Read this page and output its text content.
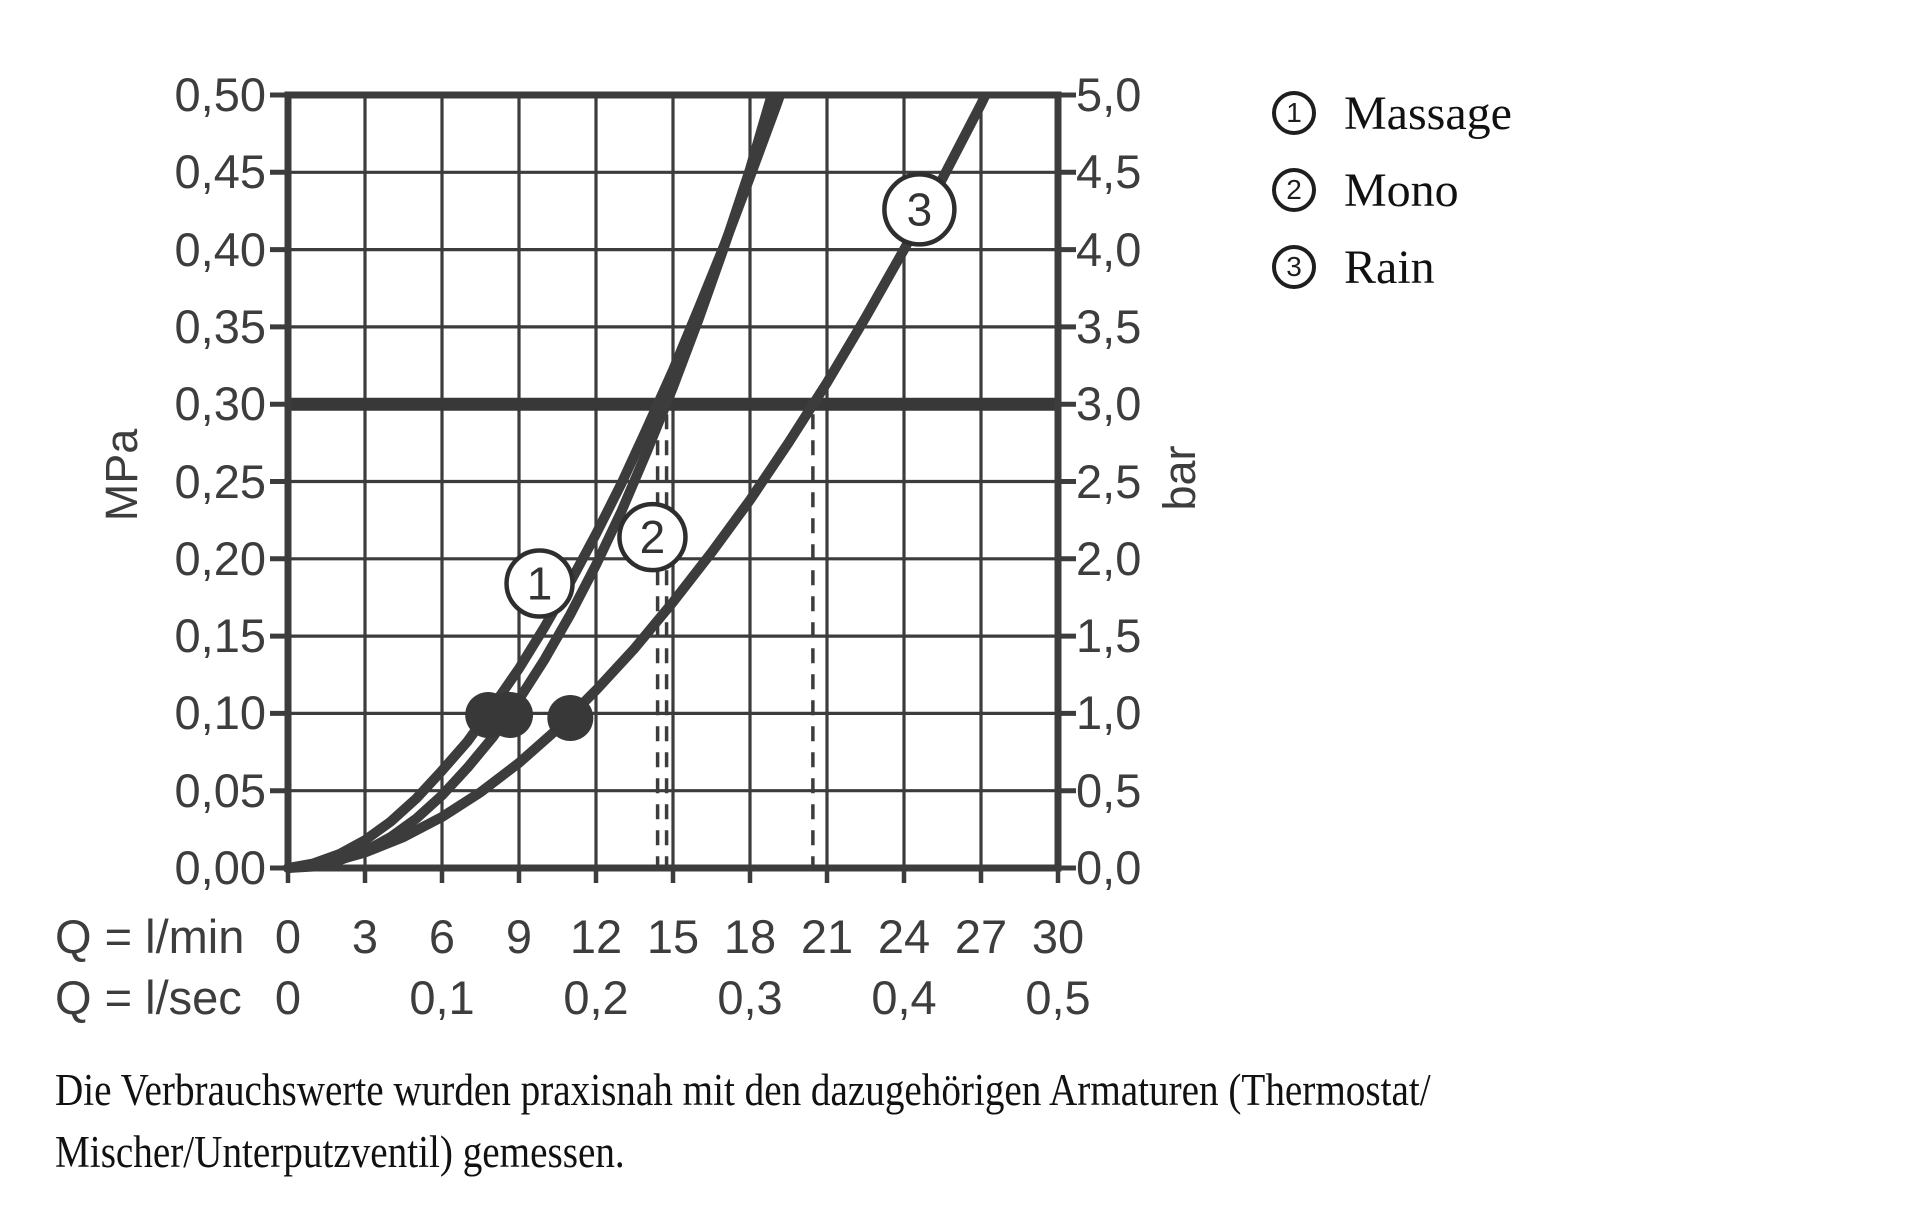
1
2
3
0,00
0,05
0,10
0,15
0,20
0,25
0,30
0,35
0,40
0,45
0,50
0,0
0,5
1,0
1,5
2,0
2,5
3,0
3,5
4,0
4,5
5,0
0	3	6	9 12 15 18 21 24 27 30
0	0,1	0,2	0,3	0,4	0,5
MPa	bar
Q = l/min
Q = l/sec
1 Massage
2 Mono
3 Rain
Die Verbrauchswerte wurden praxisnah mit den dazugehörigen Armaturen (Thermostat/
Mischer/Unterputzventil) gemessen.
